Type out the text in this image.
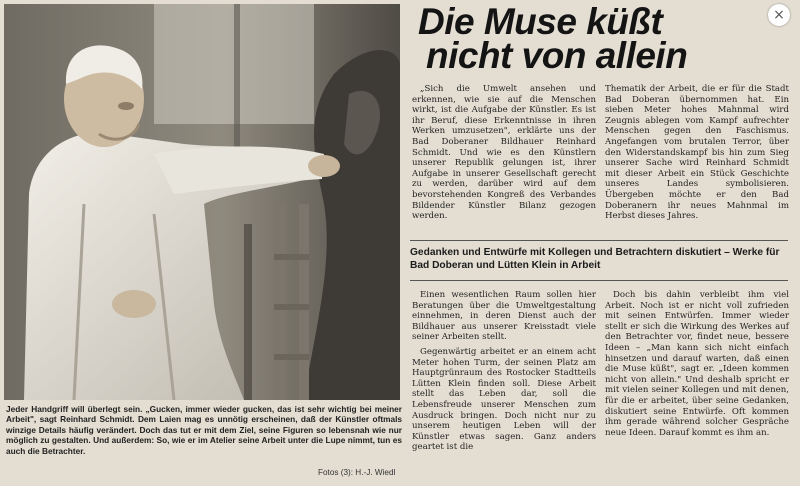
Jeder Handgriff will überlegt sein. „Gucken, immer wieder gucken, das ist sehr wichtig bei meiner Arbeit", sagt Reinhard Schmidt. Dem Laien mag es unnötig erscheinen, daß der Künstler oftmals winzige Details häufig verändert. Doch das tut er mit dem Ziel, seine Figuren so lebensnah wie nur möglich zu gestalten. Und außerdem: So, wie er im Atelier seine Arbeit unter die Lupe nimmt, tun es auch die Betrachter.
Fotos (3): H.-J. Wiedl
Die Muse küßt
nicht von allein

„Sich die Umwelt ansehen und erkennen, wie sie auf die Menschen wirkt, ist die Aufgabe der Künstler. Es ist ihr Beruf, diese Erkenntnisse in ihren Werken umzusetzen", erklärte uns der Bad Doberaner Bildhauer Reinhard Schmidt. Und wie es den Künstlern unserer Republik gelungen ist, ihrer Aufgabe in unserer Gesellschaft gerecht zu werden, darüber wird auf dem bevorstehenden Kongreß des Verbandes Bildender Künstler Bilanz gezogen werden.

Thematik der Arbeit, die er für die Stadt Bad Doberan übernommen hat. Ein sieben Meter hohes Mahnmal wird Zeugnis ablegen vom Kampf aufrechter Menschen gegen den Faschismus. Angefangen vom brutalen Terror, über den Widerstandskampf bis hin zum Sieg unserer Sache wird Reinhard Schmidt mit dieser Arbeit ein Stück Geschichte unseres Landes symbolisieren. Übergeben möchte er den Bad Doberanern ihr neues Mahnmal im Herbst dieses Jahres.

Gedanken und Entwürfe mit Kollegen und Betrachtern diskutiert – Werke für Bad Doberan und Lütten Klein in Arbeit

Einen wesentlichen Raum sollen hier Beratungen über die Umweltgestaltung einnehmen, in deren Dienst auch der Bildhauer aus unserer Kreisstadt viele seiner Arbeiten stellt.

Gegenwärtig arbeitet er an einem acht Meter hohen Turm, der seinen Platz am Hauptgrünraum des Rostocker Stadtteils Lütten Klein finden soll. Diese Arbeit stellt das Leben dar, soll die Lebensfreude unserer Menschen zum Ausdruck bringen. Doch nicht nur zu unserem heutigen Leben will der Künstler etwas sagen. Ganz anders geartet ist die

Doch bis dahin verbleibt ihm viel Arbeit. Noch ist er nicht voll zufrieden mit seinen Entwürfen. Immer wieder stellt er sich die Wirkung des Werkes auf den Betrachter vor, findet neue, bessere Ideen – „Man kann sich nicht einfach hinsetzen und darauf warten, daß einen die Muse küßt", sagt er. „Ideen kommen nicht von allein." Und deshalb spricht er mit vielen seiner Kollegen und mit denen, für die er arbeitet, über seine Gedanken, diskutiert seine Entwürfe. Oft kommen ihm gerade während solcher Gespräche neue Ideen. Darauf kommt es ihm an.

×
